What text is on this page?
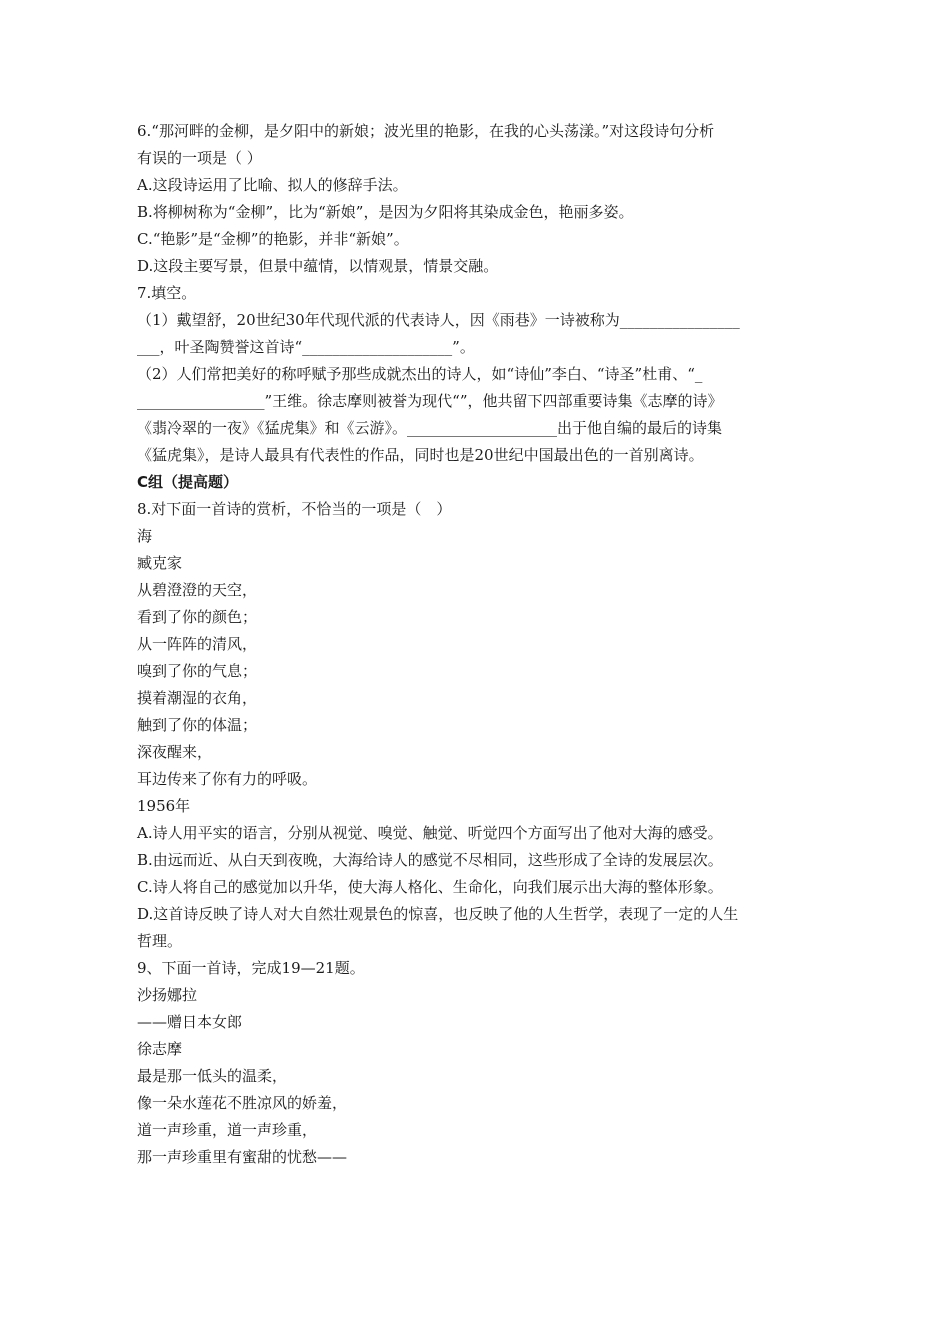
6.“那河畔的金柳，是夕阳中的新娘；波光里的艳影，在我的心头荡漾。”对这段诗句分析
有误的一项是（ ）
A.这段诗运用了比喻、拟人的修辞手法。
B.将柳树称为“金柳”，比为“新娘”，是因为夕阳将其染成金色，艳丽多姿。
C.“艳影”是“金柳”的艳影，并非“新娘”。
D.这段主要写景，但景中蕴情，以情观景，情景交融。
7.填空。
（1）戴望舒，20世纪30年代现代派的代表诗人，因《雨巷》一诗被称为________________
___，叶圣陶赞誉这首诗“____________________”。
（2）人们常把美好的称呼赋予那些成就杰出的诗人，如“诗仙”李白、“诗圣”杜甫、“_
_________________”王维。徐志摩则被誉为现代“”，他共留下四部重要诗集《志摩的诗》
《翡冷翠的一夜》《猛虎集》和《云游》。____________________出于他自编的最后的诗集
《猛虎集》，是诗人最具有代表性的作品，同时也是20世纪中国最出色的一首别离诗。
C组（提高题）
8.对下面一首诗的赏析，不恰当的一项是（　）
海
臧克家
从碧澄澄的天空，
看到了你的颜色；
从一阵阵的清风，
嗅到了你的气息；
摸着潮湿的衣角，
触到了你的体温；
深夜醒来，
耳边传来了你有力的呼吸。
1956年
A.诗人用平实的语言，分别从视觉、嗅觉、触觉、听觉四个方面写出了他对大海的感受。
B.由远而近、从白天到夜晚，大海给诗人的感觉不尽相同，这些形成了全诗的发展层次。
C.诗人将自己的感觉加以升华，使大海人格化、生命化，向我们展示出大海的整体形象。
D.这首诗反映了诗人对大自然壮观景色的惊喜，也反映了他的人生哲学，表现了一定的人生
哲理。
9、下面一首诗，完成19—21题。
沙扬娜拉
——赠日本女郎
徐志摩
最是那一低头的温柔，
像一朵水莲花不胜凉风的娇羞，
道一声珍重，道一声珍重，
那一声珍重里有蜜甜的忧愁——
